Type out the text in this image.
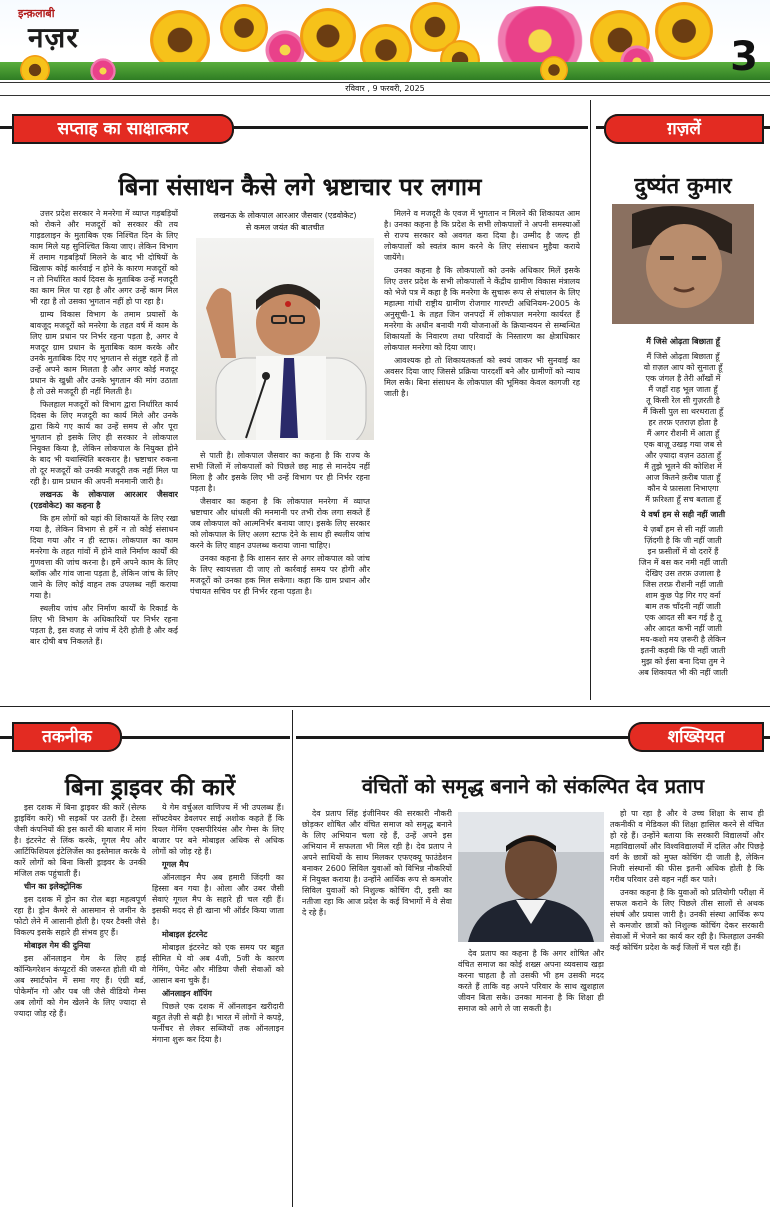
इन्क़लाबी
नज़र	3
रविवार , 9 फरवरी, 2025
सप्ताह का साक्षात्कार
बिना संसाधन कैसे लगे भ्रष्टाचार पर लगाम

उत्तर प्रदेश सरकार ने मनरेगा में व्याप्त गड़बड़ियों को रोकने और मजदूरों को सरकार की तय गाइडलाइन के मुताबिक एक निश्चित दिन के लिए काम मिले यह सुनिश्चित किया जाए। लेकिन विभाग में तमाम गड़बड़ियाँ मिलने के बाद भी दोषियों के खिलाफ कोई कार्रवाई न होने के कारण मजदूरों को न तो निर्धारित कार्य दिवस के मुताबिक उन्हें मजदूरी का काम मिल पा रहा है और अगर उन्हें काम मिल भी रहा है तो उसका भुगतान नहीं हो पा रहा है।

ग्राम्य विकास विभाग के तमाम प्रयासों के बावजूद मजदूरों को मनरेगा के तहत वर्ष में काम के लिए ग्राम प्रधान पर निर्भर रहना पड़ता है, अगर वे मजदूर ग्राम प्रधान के मुताबिक काम करके और उनके मुताबिक दिए गए भुगतान से संतुष्ट रहते हैं तो उन्हें अपने काम मिलता है और अगर कोई मजदूर प्रधान के खुश्नी और उनके भुगतान की मांग उठाता है तो उसे मजदूरी ही नहीं मिलती है।

फिलहाल मजदूरों को विभाग द्वारा निर्धारित कार्य दिवस के लिए मजदूरी का कार्य मिले और उनके द्वारा किये गए कार्य का उन्हें समय से और पूरा भुगतान हो इसके लिए ही सरकार ने लोकपाल नियुक्त किया है, लेकिन लोकपाल के नियुक्त होने के बाद भी यथास्थिति बरकरार है। भ्रष्टाचार रुकना तो दूर मजदूरों को उनकी मजदूरी तक नहीं मिल पा रही है। ग्राम प्रधान की अपनी मनमानी जारी है।

लखनऊ के लोकपाल आरआर जैसवार (एडवोकेट) का कहना है

कि हम लोगों को यहां की शिकायतें के लिए रखा गया है, लेकिन विभाग से हमें न तो कोई संसाधन दिया गया और न ही स्टाफ। लोकपाल का काम मनरेगा के तहत गांवों में होने वाले निर्माण कार्यों की गुणवत्ता की जांच करना है। हमें अपने काम के लिए ब्लॉक और गांव जाना पड़ता है, लेकिन जांच के लिए जाने के लिए कोई वाहन तक उपलब्ध नहीं कराया गया है।

स्थलीय जांच और निर्माण कार्यों के रिकार्ड के लिए भी विभाग के अधिकारियों पर निर्भर रहना पड़ता है, इस वजह से जांच में देरी होती है और कई बार दोषी बच निकलते हैं।

लखनऊ के लोकपाल आरआर जैसवार (एडवोकेट)
से कमल जयंत की बातचीत

से पाती है। लोकपाल जैसवार का कहना है कि राज्य के सभी जिलों में लोकपालों को पिछले छह माह से मानदेय नहीं मिला है और इसके लिए भी उन्हें विभाग पर ही निर्भर रहना पड़ता है।

जैसवार का कहना है कि लोकपाल मनरेगा में व्याप्त भ्रष्टाचार और धांधली की मनमानी पर तभी रोक लगा सकते हैं जब लोकपाल को आत्मनिर्भर बनाया जाए। इसके लिए सरकार को लोकपाल के लिए अलग स्टाफ देने के साथ ही स्थलीय जांच करने के लिए वाहन उपलब्ध कराया जाना चाहिए।

उनका कहना है कि शासन स्तर से अगर लोकपाल को जांच के लिए स्वायत्तता दी जाए तो कार्रवाई समय पर होगी और मजदूरों को उनका हक मिल सकेगा। कहा कि ग्राम प्रधान और पंचायत सचिव पर ही निर्भर रहना पड़ता है।

मिलने व मजदूरी के एवज में भुगतान न मिलने की शिकायत आम है। उनका कहना है कि प्रदेश के सभी लोकपालों ने अपनी समस्याओं से राज्य सरकार को अवगत करा दिया है। उम्मीद है जल्द ही लोकपालों को स्वतंत्र काम करने के लिए संसाधन मुहैया कराये जायेंगे।

उनका कहना है कि लोकपालों को उनके अधिकार मिलें इसके लिए उत्तर प्रदेश के सभी लोकपालों ने केंद्रीय ग्रामीण विकास मंत्रालय को भेजे पत्र में कहा है कि मनरेगा के सुचारू रूप से संचालन के लिए महात्मा गांधी राष्ट्रीय ग्रामीण रोजगार गारण्टी अधिनियम-2005 के अनुसूची-1 के तहत जिन जनपदों में लोकपाल मनरेगा कार्यरत हैं मनरेगा के अधीन बनायी गयी योजनाओं के क्रियान्वयन से सम्बन्धित शिकायतों के निवारण तथा परिवादों के निस्तारण का क्षेत्राधिकार लोकपाल मनरेगा को दिया जाए।

आवश्यक हो तो शिकायतकर्ता को स्वयं जाकर भी सुनवाई का अवसर दिया जाए जिससे प्रक्रिया पारदर्शी बने और ग्रामीणों को न्याय मिल सके। बिना संसाधन के लोकपाल की भूमिका केवल कागजी रह जाती है।

ग़ज़लें
दुष्यंत कुमार
मैं जिसे ओढ़ता बिछाता हूँ
मैं जिसे ओढ़ता बिछाता हूँ
वो ग़ज़ल आप को सुनाता हूँ
एक जंगल है तेरी आँखों में
मैं जहाँ राह भूल जाता हूँ
तू किसी रेल सी गुज़रती है
मैं किसी पुल सा थरथराता हूँ
हर तरफ़ एतराज़ होता है
मैं अगर रौशनी में आता हूँ
एक बाज़ू उखड़ गया जब से
और ज़्यादा वज़न उठाता हूँ
मैं तुझे भूलने की कोशिश में
आज कितने क़रीब पाता हूँ
कौन ये फ़ासला निभाएगा
मैं फ़रिश्ता हूँ सच बताता हूँ
ये वर्षा हम से सही नहीं जाती
ये ज़बाँ हम से सी नहीं जाती
ज़िंदगी है कि जी नहीं जाती
इन फ़सीलों में वो दरारें हैं
जिन में बस कर नमी नहीं जाती
देखिए उस तरफ़ उजाला है
जिस तरफ़ रौशनी नहीं जाती
शाम कुछ पेड़ गिर गए वर्ना
बाम तक चाँदनी नहीं जाती
एक आदत सी बन गई है तू
और आदत कभी नहीं जाती
मय-कशो मय ज़रूरी है लेकिन
इतनी कड़वी कि पी नहीं जाती
मुझ को ईसा बना दिया तुम ने
अब शिकायत भी की नहीं जाती
तकनीक
बिना ड्राइवर की कारें

इस दशक में बिना ड्राइवर की कारें (सेल्फ ड्राइविंग कारें) भी सड़कों पर उतरी हैं। टेस्ला जैसी कंपनियों की इस कारों की बाजार में मांग है। इंटरनेट से लिंक करके, गूगल मैप और आर्टिफिशियल इंटेलिजेंस का इस्तेमाल करके ये कारें लोगों को बिना किसी ड्राइवर के उनकी मंजिल तक पहुंचाती हैं।

चीन का इलेक्ट्रोनिक

इस दशक में ड्रोन का रोल बड़ा महत्वपूर्ण रहा है। ड्रोन कैमरे से आसमान से जमीन के फोटो लेने में आसानी होती है। एयर टैक्सी जैसे विकल्प इसके सहारे ही संभव हुए हैं।

मोबाइल गेम की दुनिया

इस ऑनलाइन गेम के लिए हाई कॉन्फिगरेशन कंप्यूटरों की जरूरत होती थी वो अब स्मार्टफोन में समा गए हैं। एंग्री बर्ड, पोकेमॉन गो और पब जी जैसे वीडियो गेम्स अब लोगों को गेम खेलने के लिए ज्यादा से ज्यादा जोड़ रहे हैं।

ये गेम वर्चुअल वाणिज्य में भी उपलब्ध हैं। सॉफ्टवेयर डेवलपर साई अशोक कहते हैं कि रियल गेमिंग एक्सपीरियंस और गेम्स के लिए बाजार पर बने मोबाइल अधिक से अधिक लोगों को जोड़ रहे हैं।

गूगल मैप

ऑनलाइन मैप अब हमारी जिंदगी का हिस्सा बन गया है। ओला और उबर जैसी सेवाएं गूगल मैप के सहारे ही चल रही हैं। इसकी मदद से ही खाना भी ऑर्डर किया जाता है।

मोबाइल इंटरनेट

मोबाइल इंटरनेट को एक समय पर बहुत सीमित थे वो अब 4जी, 5जी के कारण गेमिंग, पेमेंट और मीडिया जैसी सेवाओं को आसान बना चुके हैं।

ऑनलाइन शॉपिंग

पिछले एक दशक में ऑनलाइन खरीदारी बहुत तेज़ी से बढ़ी है। भारत में लोगों ने कपड़े, फर्नीचर से लेकर सब्जियों तक ऑनलाइन मंगाना शुरू कर दिया है।

शख्सियत
वंचितों को समृद्ध बनाने को संकल्पित देव प्रताप

देव प्रताप सिंह इंजीनियर की सरकारी नौकरी छोड़कर शोषित और वंचित समाज को समृद्ध बनाने के लिए अभियान चला रहे हैं, उन्हें अपने इस अभियान में सफलता भी मिल रही है। देव प्रताप ने अपने साथियों के साथ मिलकर एफएक्यू फाउंडेशन बनाकर 2600 सिविल युवाओं को विभिन्न नौकरियों में नियुक्त कराया है। उन्होंने आर्थिक रूप से कमजोर सिविल युवाओं को निशुल्क कोचिंग दी, इसी का नतीजा रहा कि आज प्रदेश के कई विभागों में वे सेवा दे रहे हैं।

देव प्रताप का कहना है कि अगर शोषित और वंचित समाज का कोई शख्स अपना व्यवसाय खड़ा करना चाहता है तो उसकी भी हम उसकी मदद करते हैं ताकि वह अपने परिवार के साथ खुशहाल जीवन बिता सके। उनका मानना है कि शिक्षा ही समाज को आगे ले जा सकती है।

हो पा रहा है और वे उच्च शिक्षा के साथ ही तकनीकी व मेडिकल की शिक्षा हासिल करने से वंचित हो रहे हैं। उन्होंने बताया कि सरकारी विद्यालयों और महाविद्यालयों और विश्वविद्यालयों में दलित और पिछड़े वर्ग के छात्रों को मुफ्त कोचिंग दी जाती है, लेकिन निजी संस्थानों की फीस इतनी अधिक होती है कि गरीब परिवार उसे वहन नहीं कर पाते।

उनका कहना है कि युवाओं को प्रतियोगी परीक्षा में सफल कराने के लिए पिछले तीस सालों से अथक संघर्ष और प्रयास जारी है। उनकी संस्था आर्थिक रूप से कमजोर छात्रों को निशुल्क कोचिंग देकर सरकारी सेवाओं में भेजने का कार्य कर रही है। फिलहाल उनकी कई कोचिंग प्रदेश के कई जिलों में चल रही हैं।
